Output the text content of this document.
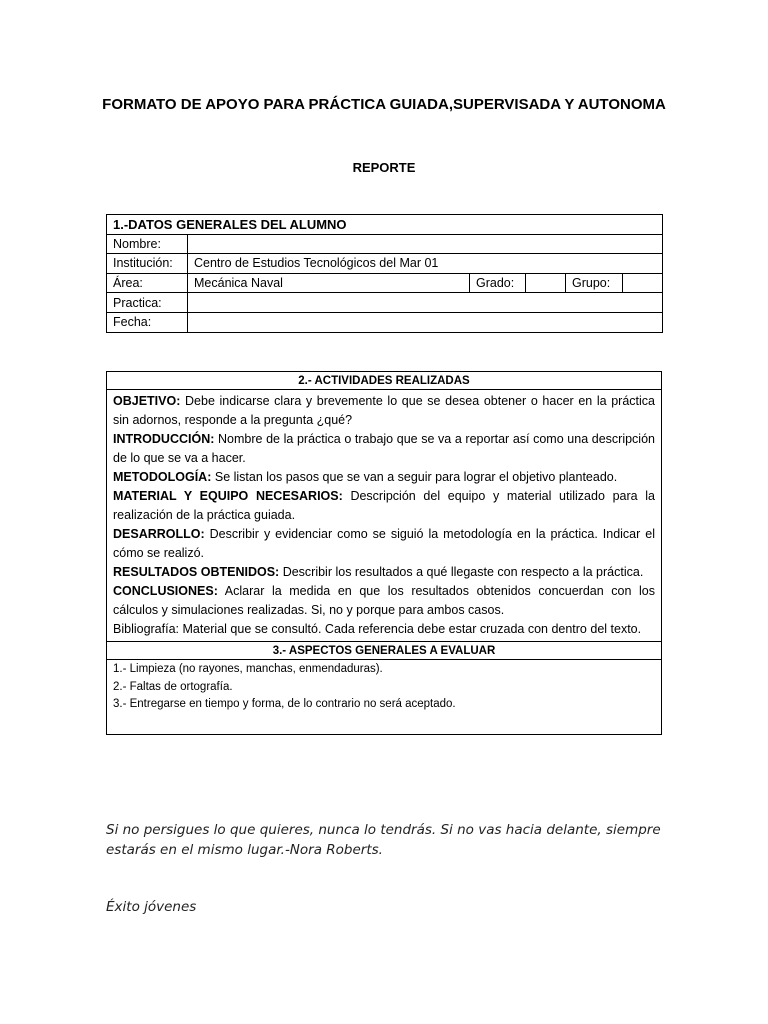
FORMATO DE APOYO PARA PRÁCTICA GUIADA,SUPERVISADA Y AUTONOMA
REPORTE
1.-DATOS GENERALES DEL ALUMNO					
Nombre:					
Institución:	Centro de Estudios Tecnológicos del Mar 01				
Área:	Mecánica Naval	Grado:		Grupo:	
Practica:					
Fecha:					
2.- ACTIVIDADES REALIZADAS

OBJETIVO: Debe indicarse clara y brevemente lo que se desea obtener o hacer en la práctica sin adornos, responde a la pregunta ¿qué?

INTRODUCCIÓN: Nombre de la práctica o trabajo que se va a reportar así como una descripción de lo que se va a hacer.

METODOLOGÍA: Se listan los pasos que se van a seguir para lograr el objetivo planteado.

MATERIAL Y EQUIPO NECESARIOS: Descripción del equipo y material utilizado para la realización de la práctica guiada.

DESARROLLO: Describir y evidenciar como se siguió la metodología en la práctica. Indicar el cómo se realizó.

RESULTADOS OBTENIDOS: Describir los resultados a qué llegaste con respecto a la práctica.

CONCLUSIONES: Aclarar la medida en que los resultados obtenidos concuerdan con los cálculos y simulaciones realizadas. Si, no y porque para ambos casos.

Bibliografía: Material que se consultó. Cada referencia debe estar cruzada con dentro del texto.

3.- ASPECTOS GENERALES A EVALUAR

1.- Limpieza (no rayones, manchas, enmendaduras).
2.- Faltas de ortografía.
3.- Entregarse en tiempo y forma, de lo contrario no será aceptado.
Si no persigues lo que quieres, nunca lo tendrás. Si no vas hacia delante, siempre estarás en el mismo lugar.-Nora Roberts.
Éxito jóvenes
